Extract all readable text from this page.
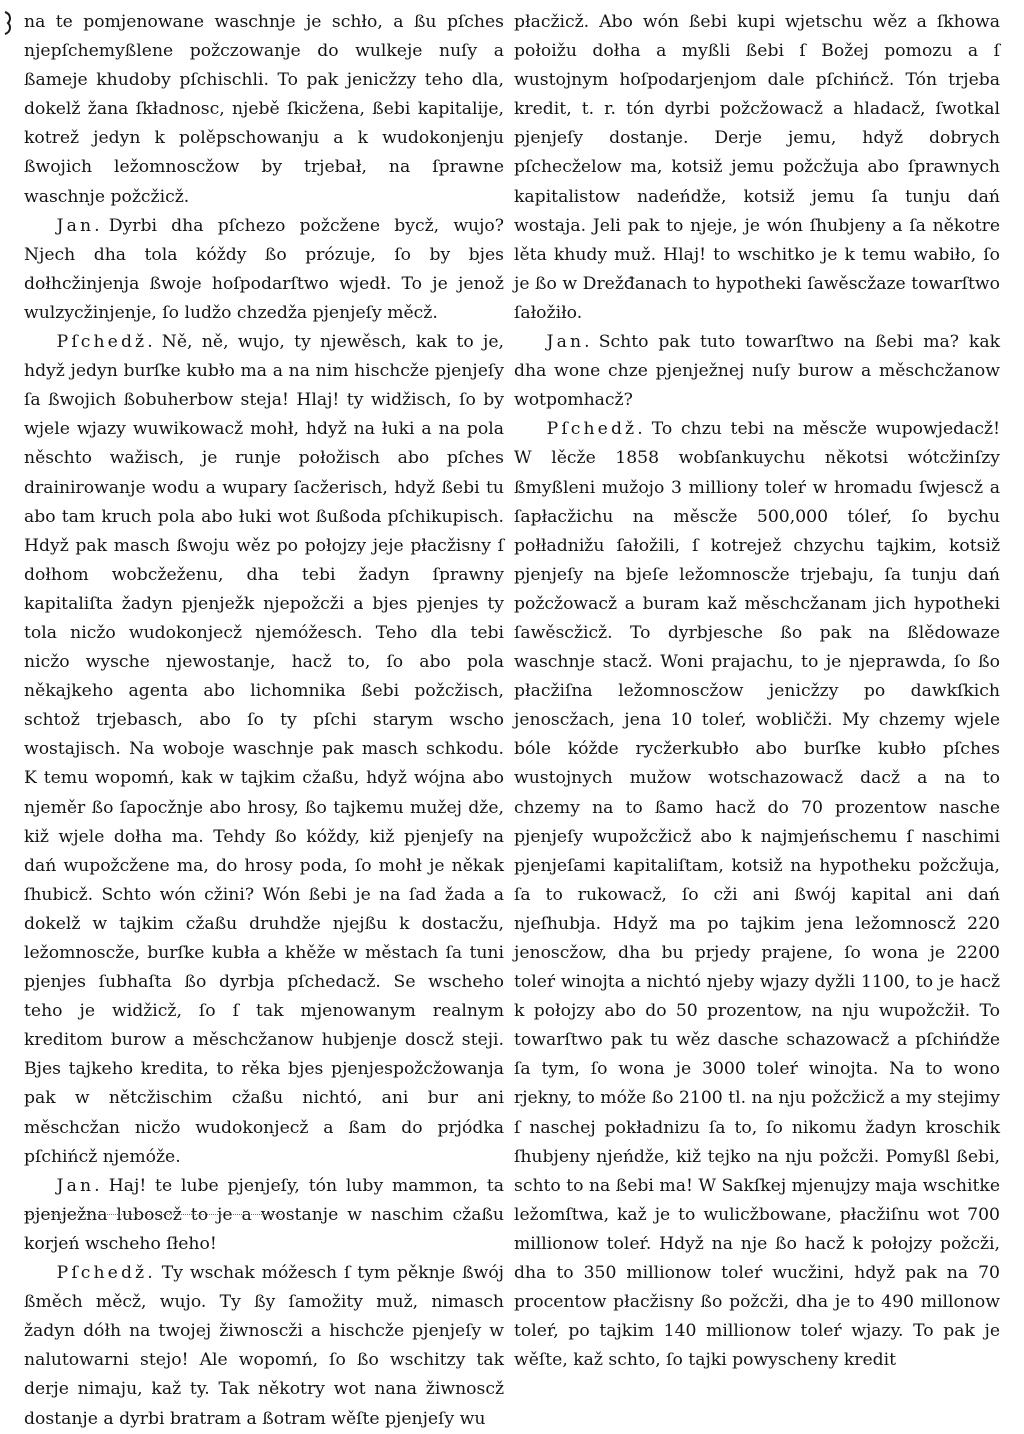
na te pomjenowane waschnje je schło, a ßu pſches njepſchemyßlene požczowanje do wulkeje nuſy a ßameje khudoby pſchischli. To pak jenicžzy teho dla, dokelž žana ſkładnosc, njebě ſkicžena, ßebi kapitalije, kotrež jedyn k polěpschowanju a k wudokonjenju ßwojich ležomnoscžow by trjebał, na ſprawne waschnje požcžicž.

Jan. Dyrbi dha pſchezo požcžene bycž, wujo? Njech dha tola kóždy ßo prózuje, ſo by bjes dołhcžinjenja ßwoje hoſpodarſtwo wjedł. To je jenož wulzycžinjenje, ſo ludžo chzedža pjenjeſy měcž.

Pſchedž. Ně, ně, wujo, ty njewěsch, kak to je, hdyž jedyn burſke kubło ma a na nim hischcže pjenjeſy ſa ßwojich ßobuherbow stejа! Hlaj! ty widžisch, ſo by wjele wjazy wuwikowacž mohł, hdyž na łuki a na pola něschto wažisch, je runje połožisch abo pſches drainirowanje wodu a wupary ſacžerisch, hdyž ßebi tu abo tam kruch pola abo łuki wot ßußoda pſchikupisch. Hdyž pak masch ßwoju wěz po połojzy jeje płacžisny ſ dołhom wobcžeženu, dha tebi žadyn ſprawny kapitaliſta žadyn pjenježk njepožcži a bjes pjenjes ty tola nicžo wudokonjecž njemóžesch. Teho dla tebi nicžo wysche njewostanje, hacž to, ſo abo pola někajkeho agenta abo lichomnika ßebi požcžisch, schtož trjebasch, abo ſo ty pſchi starym wscho wostajisch. Na woboje waschnje pak masch schkodu. K temu wopomń, kak w tajkim cžaßu, hdyž wójna abo njeměr ßo ſapocžnje abo hrosy, ßo tajkemu mužej dže, kiž wjele dołha ma. Tehdy ßo kóždy, kiž pjenjeſy na dań wupožcžene ma, do hrosy poda, ſo mohł je někak ſhubicž. Schto wón cžini? Wón ßebi je na ſad žada a dokelž w tajkim cžaßu druhdže njejßu k dostacžu, ležomnoscže, burſke kubła a khěže w městach ſa tuni pjenjes ſubhaſta ßo dyrbja pſchedacž. Se wscheho teho je widžicž, ſo ſ tak mjenowanym realnym kreditom burow a měschcžanow hubjenje doscž steji. Bjes tajkeho kredita, to rěka bjes pjenjespožcžowanja pak w nětcžischim cžaßu nichtó, ani bur ani měschcžan nicžo wudokonjecž a ßam do prjódka pſchińcž njemóže.

Jan. Haj! te lube pjenjeſy, tón luby mammon, ta pjenježna luboscž to je a wostanje w naschim cžaßu korjeń wscheho ſłeho!

Pſchedž. Ty wschak móžesch ſ tym pěknje ßwój ßměch měcž, wujo. Ty ßy ſamožity muž, nimasch žadyn dółh na twojej žiwnoscži a hischcže pjenjeſy w nalutowarni stejo! Ale wopomń, ſo ßo wschitzy tak derje nimaju, kaž ty. Tak někotry wot nana žiwnoscž dostanje a dyrbi bratram a ßotram wěſte pjenjeſy wu

płacžicž. Abo wón ßebi kupi wjetschu wěz a ſkhowa połoižu dołha a myßli ßebi ſ Božej pomozu a ſ wustojnym hoſpodarjenjom dale pſchińcž. Tón trjeba kredit, t. r. tón dyrbi požcžowacž a hladacž, ſwotkal pjenjeſy dostanje. Derje jemu, hdyž dobrych pſchecželow ma, kotsiž jemu požcžuja abo ſprawnych kapitalistow nadeńdže, kotsiž jemu ſa tunju dań wostaja. Jeli pak to njeje, je wón ſhubjeny a ſa někotre lěta khudy muž. Hlaj! to wschitko je k temu wabiło, ſo je ßo w Drežđanach to hypotheki ſawěscžaze towarſtwo ſałožiło.

Jan. Schto pak tuto towarſtwo na ßebi ma? kak dha wone chze pjenježnej nuſy burow a měschcžanow wotpomhacž?

Pſchedž. To chzu tebi na měscže wupowjedacž! W lěcže 1858 wobſankuychu někotsi wótcžinſzy ßmyßleni mužojo 3 milliony toleŕ w hromadu ſwjescž a ſapłacžichu na měscže 500,000 tóleŕ, ſo bychu połładnižu ſałožili, ſ kotrejež chzychu tajkim, kotsiž pjenjeſy na bjeſe ležomnoscže trjebaju, ſa tunju dań požcžowacž a buram kaž měschcžanam jich hypotheki ſawěscžicž. To dyrbjesche ßo pak na ßlědowaze waschnje stacž. Woni prajachu, to je njeprawda, ſo ßo płacžiſna ležomnoscžow jenicžzy po dawkſkich jenoscžach, jena 10 toleŕ, wobličži. My chzemy wjele bóle kóždе rycžerkubło abo burſke kubło pſches wustojnych mužow wotschazowacž dacž a na to chzemy na to ßamo hacž do 70 prozentow nasche pjenjeſy wupožcžicž abo k najmjeńschemu ſ naschimi pjenjeſami kapitaliſtam, kotsiž na hypotheku požcžuja, ſa to rukowacž, ſo cži ani ßwój kapital ani dań njeſhubja. Hdyž ma po tajkim jena ležomnoscž 220 jenoscžow, dha bu prjedy prajene, ſo wona je 2200 toleŕ winojta a nichtó njeby wjazy dyžli 1100, to je hacž k połojzy abo do 50 prozentow, na nju wupožcžił. To towarſtwo pak tu wěz dasche schazowacž a pſchińdže ſa tym, ſo wona je 3000 toleŕ winojta. Na to wono rjekny, to móže ßo 2100 tl. na nju požcžicž a my stejimy ſ naschej pokładnizu ſa to, ſo nikomu žadyn kroschik ſhubjeny njeńdže, kiž tejko na nju požcži. Pomyßl ßebi, schto to na ßebi ma! W Sakſkej mjenujzy maja wschitke ležomſtwa, kaž je to wulicžbowane, płacžiſnu wot 700 millionow toleŕ. Hdyž na nje ßo hacž k połojzy požcži, dha to 350 millionow toleŕ wucžini, hdyž pak na 70 procentow płacžisny ßo požcži, dha je to 490 millonow toleŕ, po tajkim 140 millionow toleŕ wjazy. To pak je wěſte, kaž schto, ſo tajki powyschеny kredit
